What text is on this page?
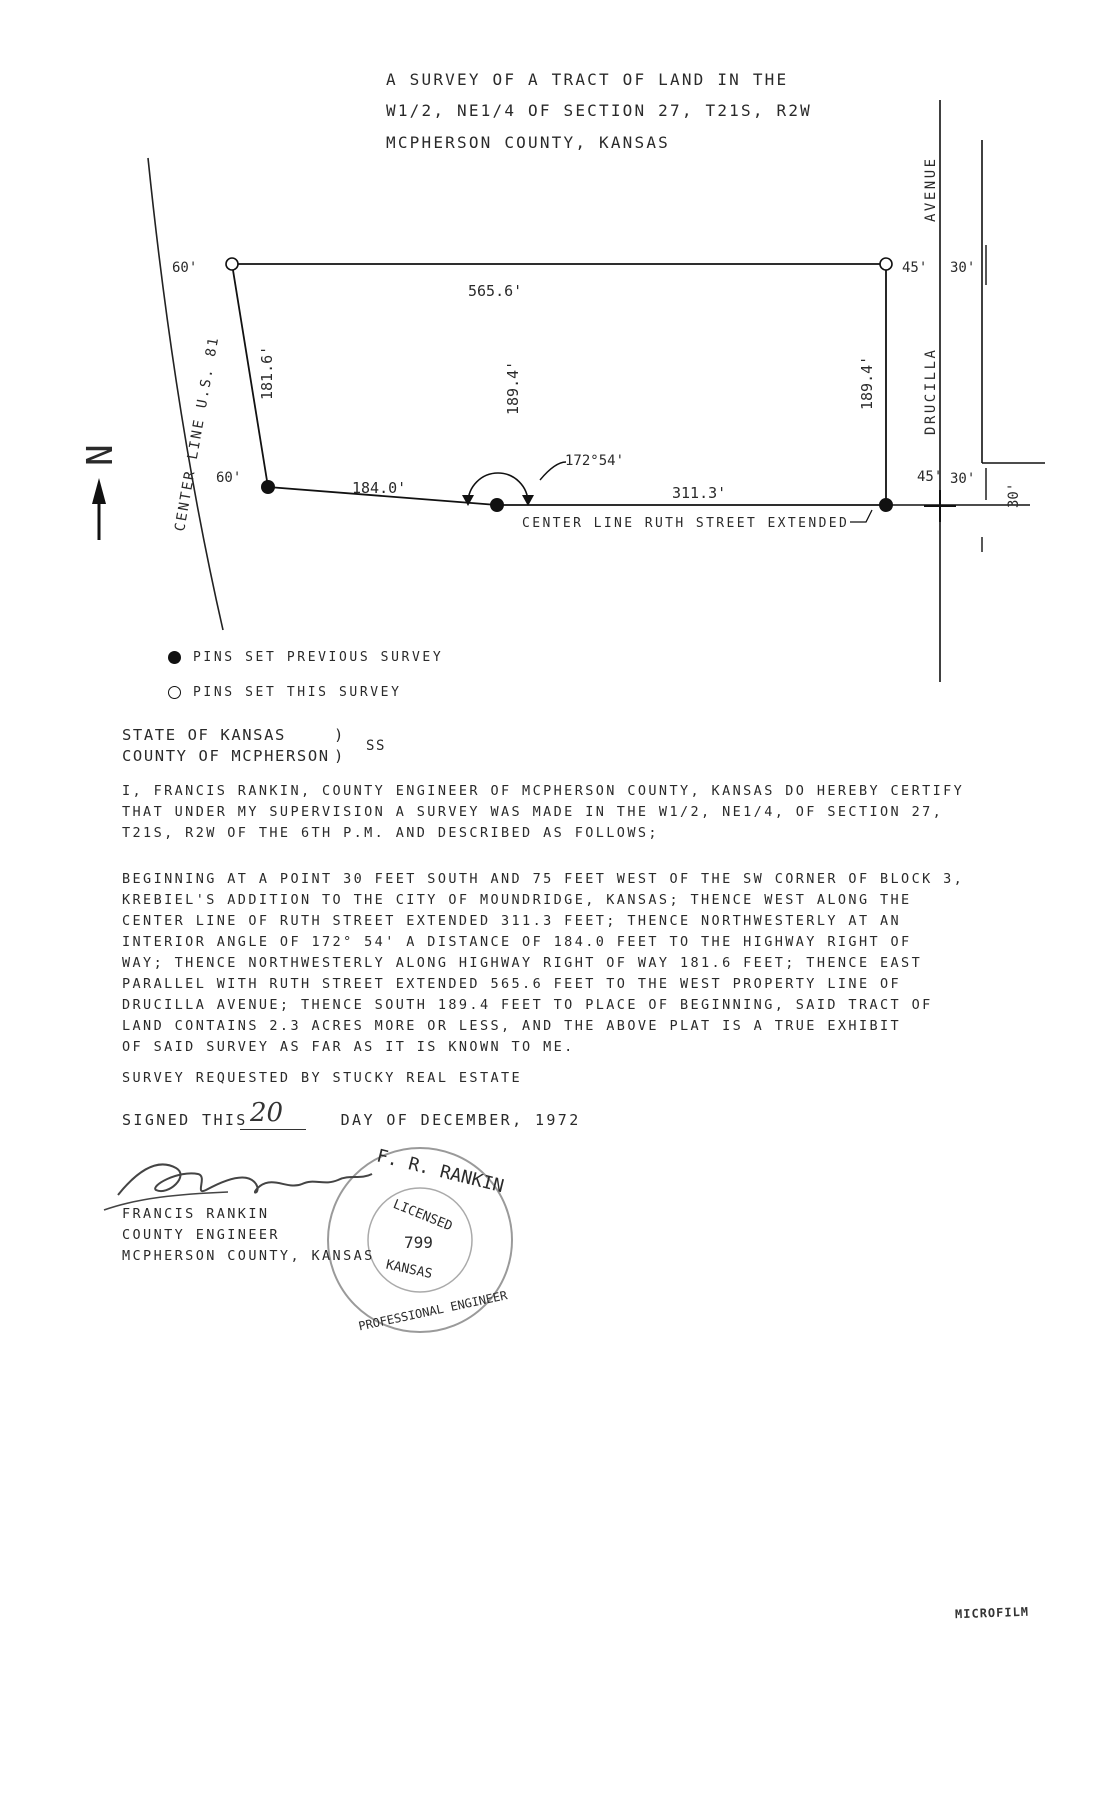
A SURVEY OF A TRACT OF LAND IN THE
W1/2, NE1/4 OF SECTION 27, T21S, R2W
MCPHERSON COUNTY, KANSAS
CENTER LINE U.S. 81
N
AVENUE
DRUCILLA
172°54'
565.6'
181.6'	189.4'	189.4'
184.0'	311.3'
60'
60'
45'
45'
30'
30'
30'
CENTER LINE RUTH STREET EXTENDED
PINS SET PREVIOUS SURVEY
PINS SET THIS SURVEY
STATE OF KANSAS
COUNTY OF MCPHERSON
)
)
SS
I, FRANCIS RANKIN, COUNTY ENGINEER OF MCPHERSON COUNTY, KANSAS DO HEREBY CERTIFY
THAT UNDER MY SUPERVISION A SURVEY WAS MADE IN THE W1/2, NE1/4, OF SECTION 27,
T21S, R2W OF THE 6TH P.M. AND DESCRIBED AS FOLLOWS;
BEGINNING AT A POINT 30 FEET SOUTH AND 75 FEET WEST OF THE SW CORNER OF BLOCK 3,
KREBIEL'S ADDITION TO THE CITY OF MOUNDRIDGE, KANSAS; THENCE WEST ALONG THE
CENTER LINE OF RUTH STREET EXTENDED 311.3 FEET; THENCE NORTHWESTERLY AT AN
INTERIOR ANGLE OF 172° 54' A DISTANCE OF 184.0 FEET TO THE HIGHWAY RIGHT OF
WAY; THENCE NORTHWESTERLY ALONG HIGHWAY RIGHT OF WAY 181.6 FEET; THENCE EAST
PARALLEL WITH RUTH STREET EXTENDED 565.6 FEET TO THE WEST PROPERTY LINE OF
DRUCILLA AVENUE; THENCE SOUTH 189.4 FEET TO PLACE OF BEGINNING, SAID TRACT OF
LAND CONTAINS 2.3 ACRES MORE OR LESS, AND THE ABOVE PLAT IS A TRUE EXHIBIT
OF SAID SURVEY AS FAR AS IT IS KNOWN TO ME.
SURVEY REQUESTED BY STUCKY REAL ESTATE
SIGNED THIS	DAY OF DECEMBER, 1972
20
F. R. RANKIN
LICENSED
799
KANSAS
PROFESSIONAL ENGINEER
FRANCIS RANKIN
COUNTY ENGINEER
MCPHERSON COUNTY, KANSAS
MICROFILM
